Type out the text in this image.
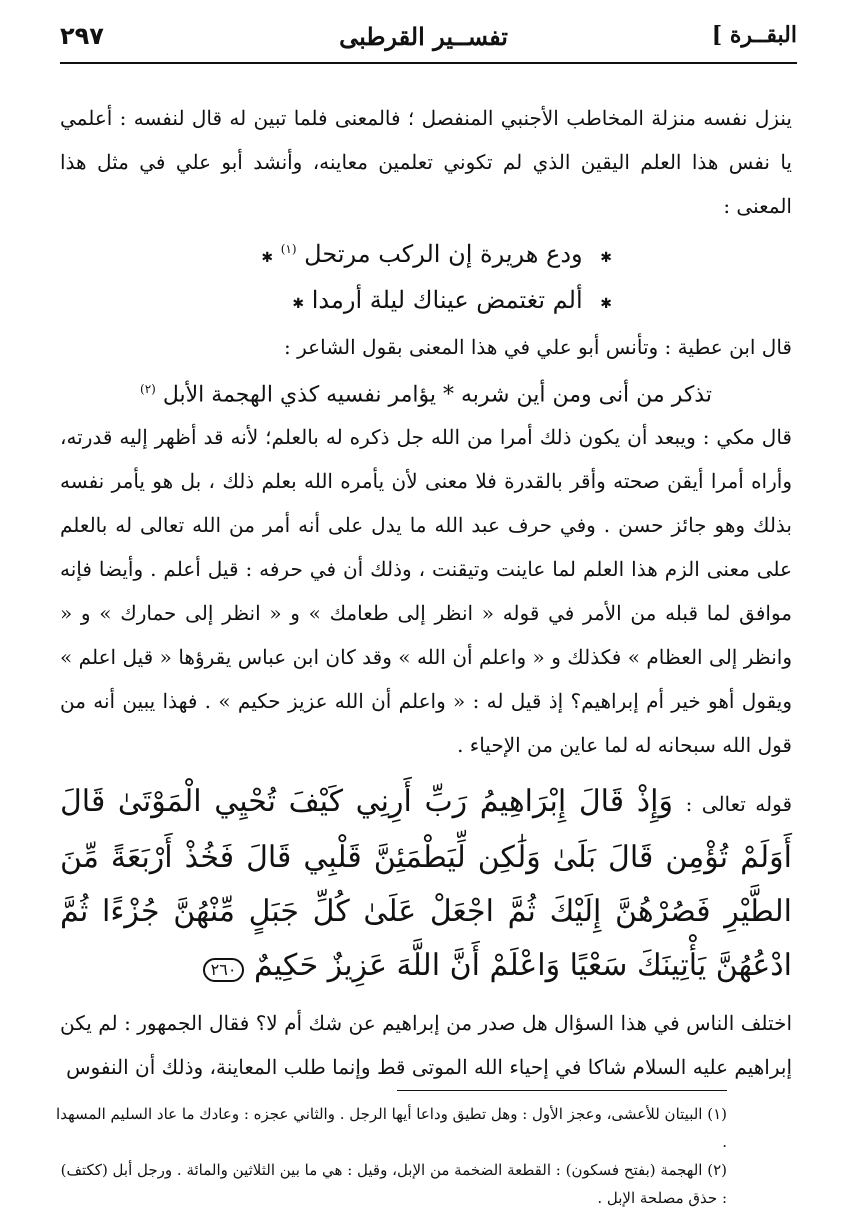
البقــرة ]
تفســير القرطبى
٢٩٧

ينزل نفسه منزلة المخاطب الأجنبي المنفصل ؛ فالمعنى فلما تبين له قال لنفسه : أعلمي يا نفس هذا العلم اليقين الذي لم تكوني تعلمين معاينه، وأنشد أبو علي في مثل هذا المعنى :

✱ ودع هريرة إن الركب مرتحل $^{(١)}$ ✱
✱ ألم تغتمض عيناك ليلة أرمدا ✱

قال ابن عطية : وتأنس أبو علي في هذا المعنى بقول الشاعر :

تذكر من أنى ومن أين شربه * يؤامر نفسيه كذي الهجمة الأبل $^{(٢)}$

قال مكي : ويبعد أن يكون ذلك أمرا من الله جل ذكره له بالعلم؛ لأنه قد أظهر إليه قدرته، وأراه أمرا أيقن صحته وأقر بالقدرة فلا معنى لأن يأمره الله بعلم ذلك ، بل هو يأمر نفسه بذلك وهو جائز حسن . وفي حرف عبد الله ما يدل على أنه أمر من الله تعالى له بالعلم على معنى الزم هذا العلم لما عاينت وتيقنت ، وذلك أن في حرفه : قيل أعلم . وأيضا فإنه موافق لما قبله من الأمر في قوله « انظر إلى طعامك » و « انظر إلى حمارك » و « وانظر إلى العظام » فكذلك و « واعلم أن الله » وقد كان ابن عباس يقرؤها « قيل اعلم » ويقول أهو خير أم إبراهيم؟ إذ قيل له : « واعلم أن الله عزيز حكيم » . فهذا يبين أنه من قول الله سبحانه له لما عاين من الإحياء .

قوله تعالى : وَإِذْ قَالَ إِبْرَاهِيمُ رَبِّ أَرِنِي كَيْفَ تُحْيِي الْمَوْتَىٰ قَالَ أَوَلَمْ تُؤْمِن قَالَ بَلَىٰ وَلَٰكِن لِّيَطْمَئِنَّ قَلْبِي قَالَ فَخُذْ أَرْبَعَةً مِّنَ الطَّيْرِ فَصُرْهُنَّ إِلَيْكَ ثُمَّ اجْعَلْ عَلَىٰ كُلِّ جَبَلٍ مِّنْهُنَّ جُزْءًا ثُمَّ ادْعُهُنَّ يَأْتِينَكَ سَعْيًا وَاعْلَمْ أَنَّ اللَّهَ عَزِيزٌ حَكِيمٌ ٢٦٠

اختلف الناس في هذا السؤال هل صدر من إبراهيم عن شك أم لا؟ فقال الجمهور : لم يكن إبراهيم عليه السلام شاكا في إحياء الله الموتى قط وإنما طلب المعاينة، وذلك أن النفوس

(١) البيتان للأعشى، وعجز الأول : وهل تطيق وداعا أيها الرجل . والثاني عجزه : وعادك ما عاد السليم المسهدا .

(٢) الهجمة (بفتح فسكون) : القطعة الضخمة من الإبل، وقيل : هي ما بين الثلاثين والمائة . ورجل أبل (ككتف) : حذق مصلحة الإبل .
